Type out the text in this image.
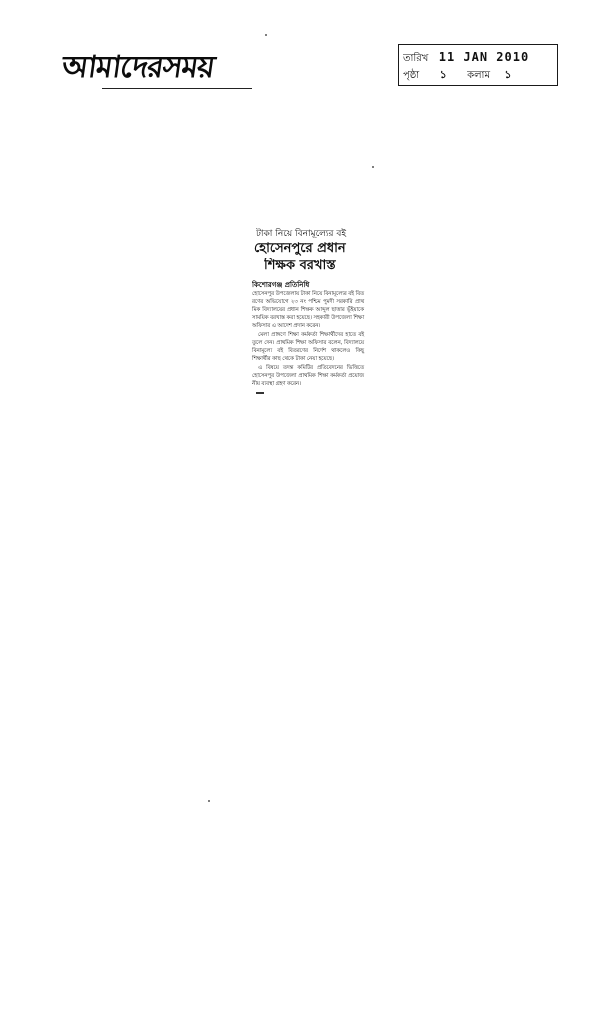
আমাদেরসময়	তারিখ 11 JAN 2010
পৃষ্ঠা ১ কলাম ১
টাকা নিয়ে বিনামূল্যের বই
হোসেনপুরে প্রধান
শিক্ষক বরখাস্ত
কিশোরগঞ্জ প্রতিনিধি

হোসেনপুর উপজেলায় টাকা নিয়ে বিনামূল্যের বই বিতরণের অভিযোগে ২৩ নং পশ্চিম পুমদী সরকারি প্রাথমিক বিদ্যালয়ের প্রধান শিক্ষক আব্দুল ছাত্তার ভূঁইয়াকে সাময়িক বরখাস্ত করা হয়েছে। সহকারী উপজেলা শিক্ষা অফিসার এ আদেশ প্রদান করেন।

মেলা প্রাঙ্গণে শিক্ষা কর্মকর্তা শিক্ষার্থীদের হাতে বই তুলে দেন। প্রাথমিক শিক্ষা অফিসার বলেন, বিদ্যালয়ে বিনামূল্যে বই বিতরণের নির্দেশ থাকলেও কিছু শিক্ষার্থীর কাছ থেকে টাকা নেয়া হয়েছে।

এ বিষয়ে তদন্ত কমিটির প্রতিবেদনের ভিত্তিতে হোসেনপুর উপজেলা প্রাথমিক শিক্ষা কর্মকর্তা প্রয়োজনীয় ব্যবস্থা গ্রহণ করেন।
